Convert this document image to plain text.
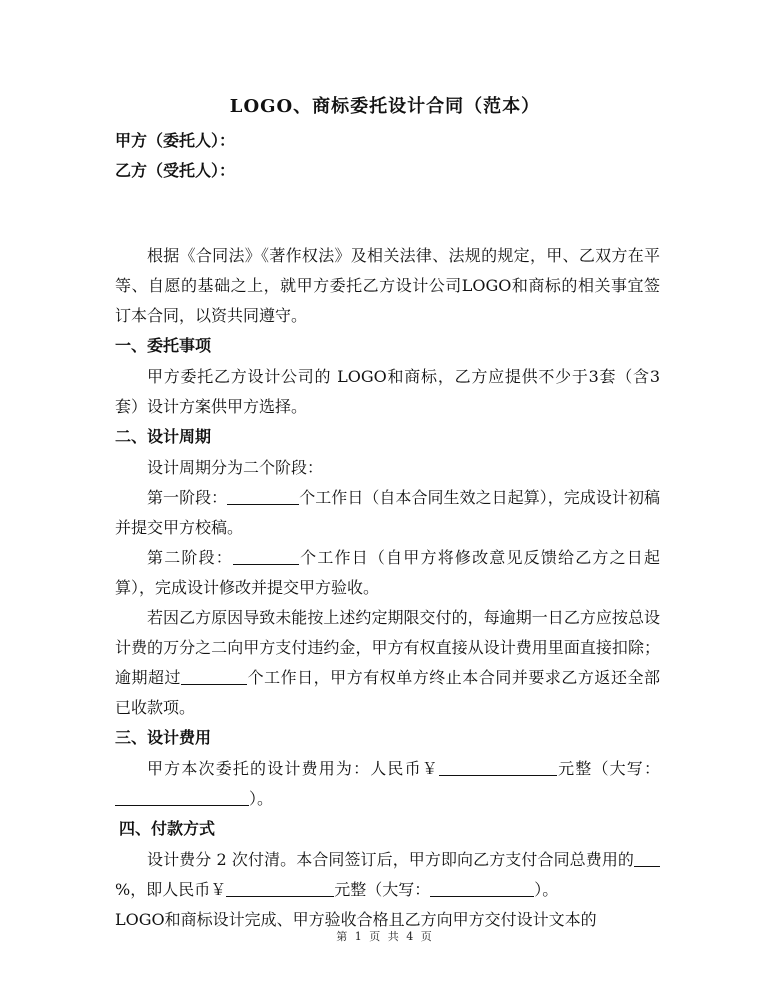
LOGO、商标委托设计合同（范本）
甲方（委托人）：
乙方（受托人）：

根据《合同法》《著作权法》及相关法律、法规的规定，甲、乙双方在平等、自愿的基础之上，就甲方委托乙方设计公司LOGO和商标的相关事宜签订本合同，以资共同遵守。

一、委托事项

甲方委托乙方设计公司的 LOGO和商标，乙方应提供不少于3套（含3套）设计方案供甲方选择。

二、设计周期

设计周期分为二个阶段：

第一阶段：	个工作日（自本合同生效之日起算），完成设计初稿并提交甲方校稿。

第二阶段：	个工作日（自甲方将修改意见反馈给乙方之日起算），完成设计修改并提交甲方验收。

若因乙方原因导致未能按上述约定期限交付的，每逾期一日乙方应按总设计费的万分之二向甲方支付违约金，甲方有权直接从设计费用里面直接扣除；逾期超过	个工作日，甲方有权单方终止本合同并要求乙方返还全部已收款项。

三、设计费用

甲方本次委托的设计费用为：人民币￥	元整（大写：）。

四、付款方式

设计费分 2 次付清。本合同签订后，甲方即向乙方支付合同总费用的%，即人民币￥	元整（大写：	）。

LOGO和商标设计完成、甲方验收合格且乙方向甲方交付设计文本的

第 1 页 共 4 页
